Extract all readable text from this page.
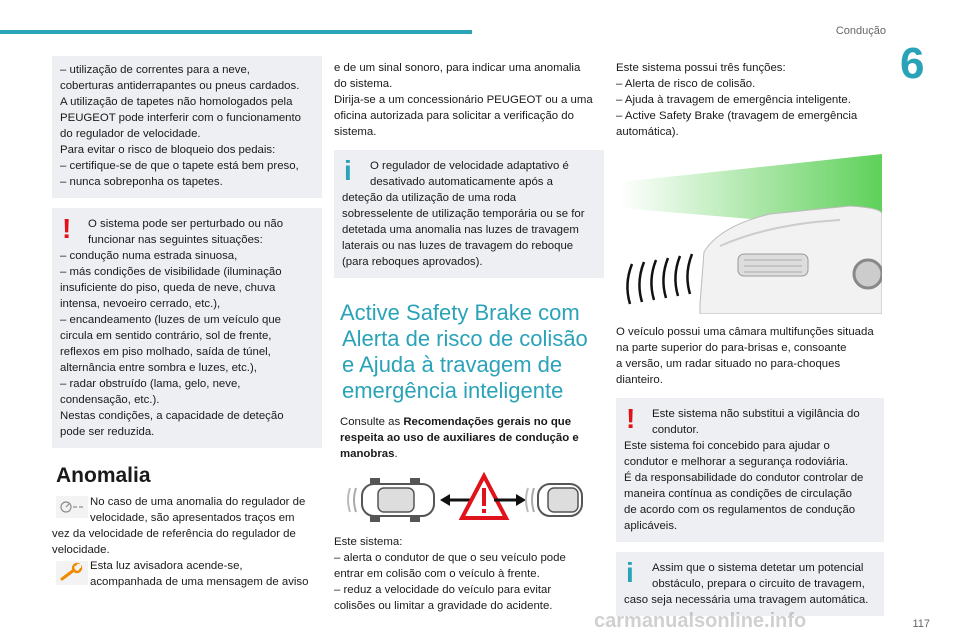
Condução
6
– utilização de correntes para a neve,
coberturas antiderrapantes ou pneus cardados.
A utilização de tapetes não homologados pela
PEUGEOT pode interferir com o funcionamento
do regulador de velocidade.
Para evitar o risco de bloqueio dos pedais:
– certifique-se de que o tapete está bem preso,
– nunca sobreponha os tapetes.
!	O sistema pode ser perturbado ou não
funcionar nas seguintes situações:
– condução numa estrada sinuosa,
– más condições de visibilidade (iluminação
insuficiente do piso, queda de neve, chuva
intensa, nevoeiro cerrado, etc.),
– encandeamento (luzes de um veículo que
circula em sentido contrário, sol de frente,
reflexos em piso molhado, saída de túnel,
alternância entre sombra e luzes, etc.),
– radar obstruído (lama, gelo, neve,
condensação, etc.).
Nestas condições, a capacidade de deteção
pode ser reduzida.
Anomalia
No caso de uma anomalia do regulador de
velocidade, são apresentados traços em
vez da velocidade de referência do regulador de
velocidade.
Esta luz avisadora acende-se,
acompanhada de uma mensagem de aviso
e de um sinal sonoro, para indicar uma anomalia
do sistema.
Dirija-se a um concessionário PEUGEOT ou a uma
oficina autorizada para solicitar a verificação do
sistema.
i	O regulador de velocidade adaptativo é
desativado automaticamente após a
deteção da utilização de uma roda
sobresselente de utilização temporária ou se for
detetada uma anomalia nas luzes de travagem
laterais ou nas luzes de travagem do reboque
(para reboques aprovados).
Active Safety Brake com
Alerta de risco de colisão
e Ajuda à travagem de
emergência inteligente
Consulte as Recomendações gerais no que respeita ao uso de auxiliares de condução e manobras.
Este sistema:
– alerta o condutor de que o seu veículo pode
entrar em colisão com o veículo à frente.
– reduz a velocidade do veículo para evitar
colisões ou limitar a gravidade do acidente.
Este sistema possui três funções:
– Alerta de risco de colisão.
– Ajuda à travagem de emergência inteligente.
– Active Safety Brake (travagem de emergência
automática).
O veículo possui uma câmara multifunções situada
na parte superior do para-brisas e, consoante
a versão, um radar situado no para-choques
dianteiro.
!	Este sistema não substitui a vigilância do
condutor.
Este sistema foi concebido para ajudar o
condutor e melhorar a segurança rodoviária.
É da responsabilidade do condutor controlar de
maneira contínua as condições de circulação
de acordo com os regulamentos de condução
aplicáveis.
i	Assim que o sistema detetar um potencial
obstáculo, prepara o circuito de travagem,
caso seja necessária uma travagem automática.
carmanualsonline.info	117
